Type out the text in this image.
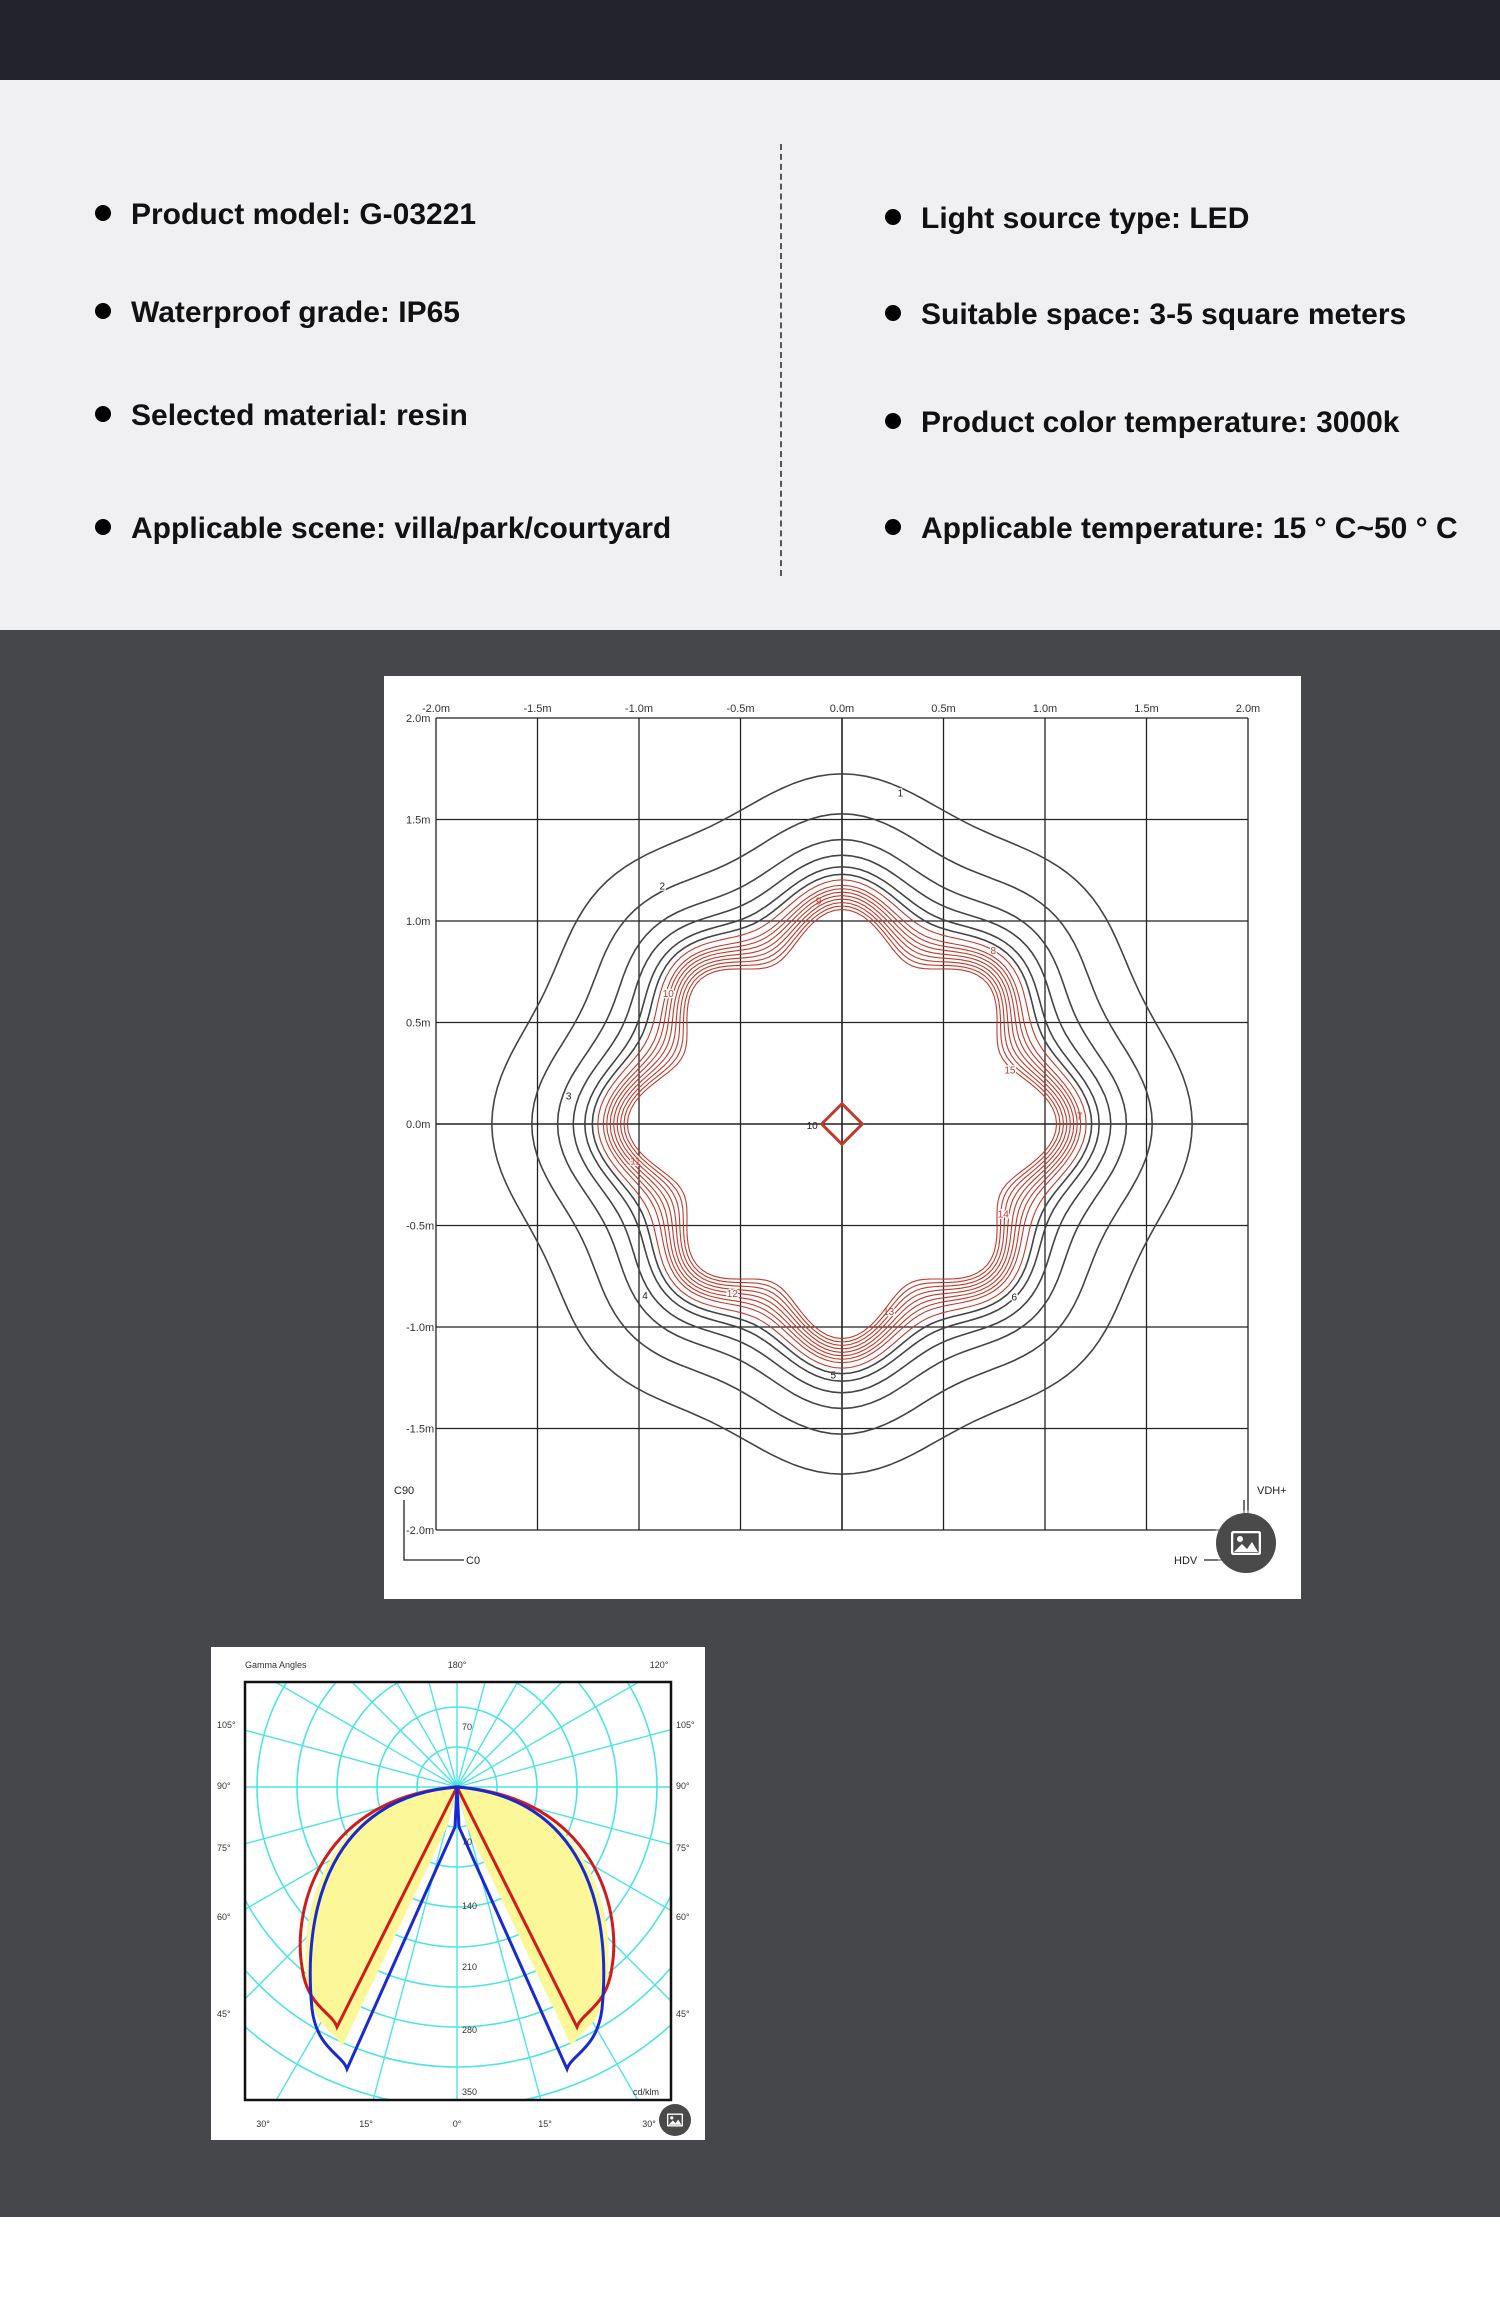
Product model: G-03221
Waterproof grade: IP65
Selected material: resin
Applicable scene: villa/park/courtyard
Light source type: LED
Suitable space: 3-5 square meters
Product color temperature: 3000k
Applicable temperature: 15 ° C~50 ° C
-2.0m	-1.5m	-1.0m	-0.5m	0.0m	0.5m	1.0m	1.5m	2.0m
2.0m
1.5m
1.0m
0.5m
0.0m
-0.5m
-1.0m
-1.5m
-2.0m
1
2
3
4
5
6
7
8
9
10
11
12
13
14
15
10
C90
C0
VDH+
HDV
Gamma Angles	180°	120°
105°	105°
90°	90°
75°	75°
60°	60°
45°	45°
30°	15°	0°	15°	30°
70
70
140
210
280
350	cd/klm
